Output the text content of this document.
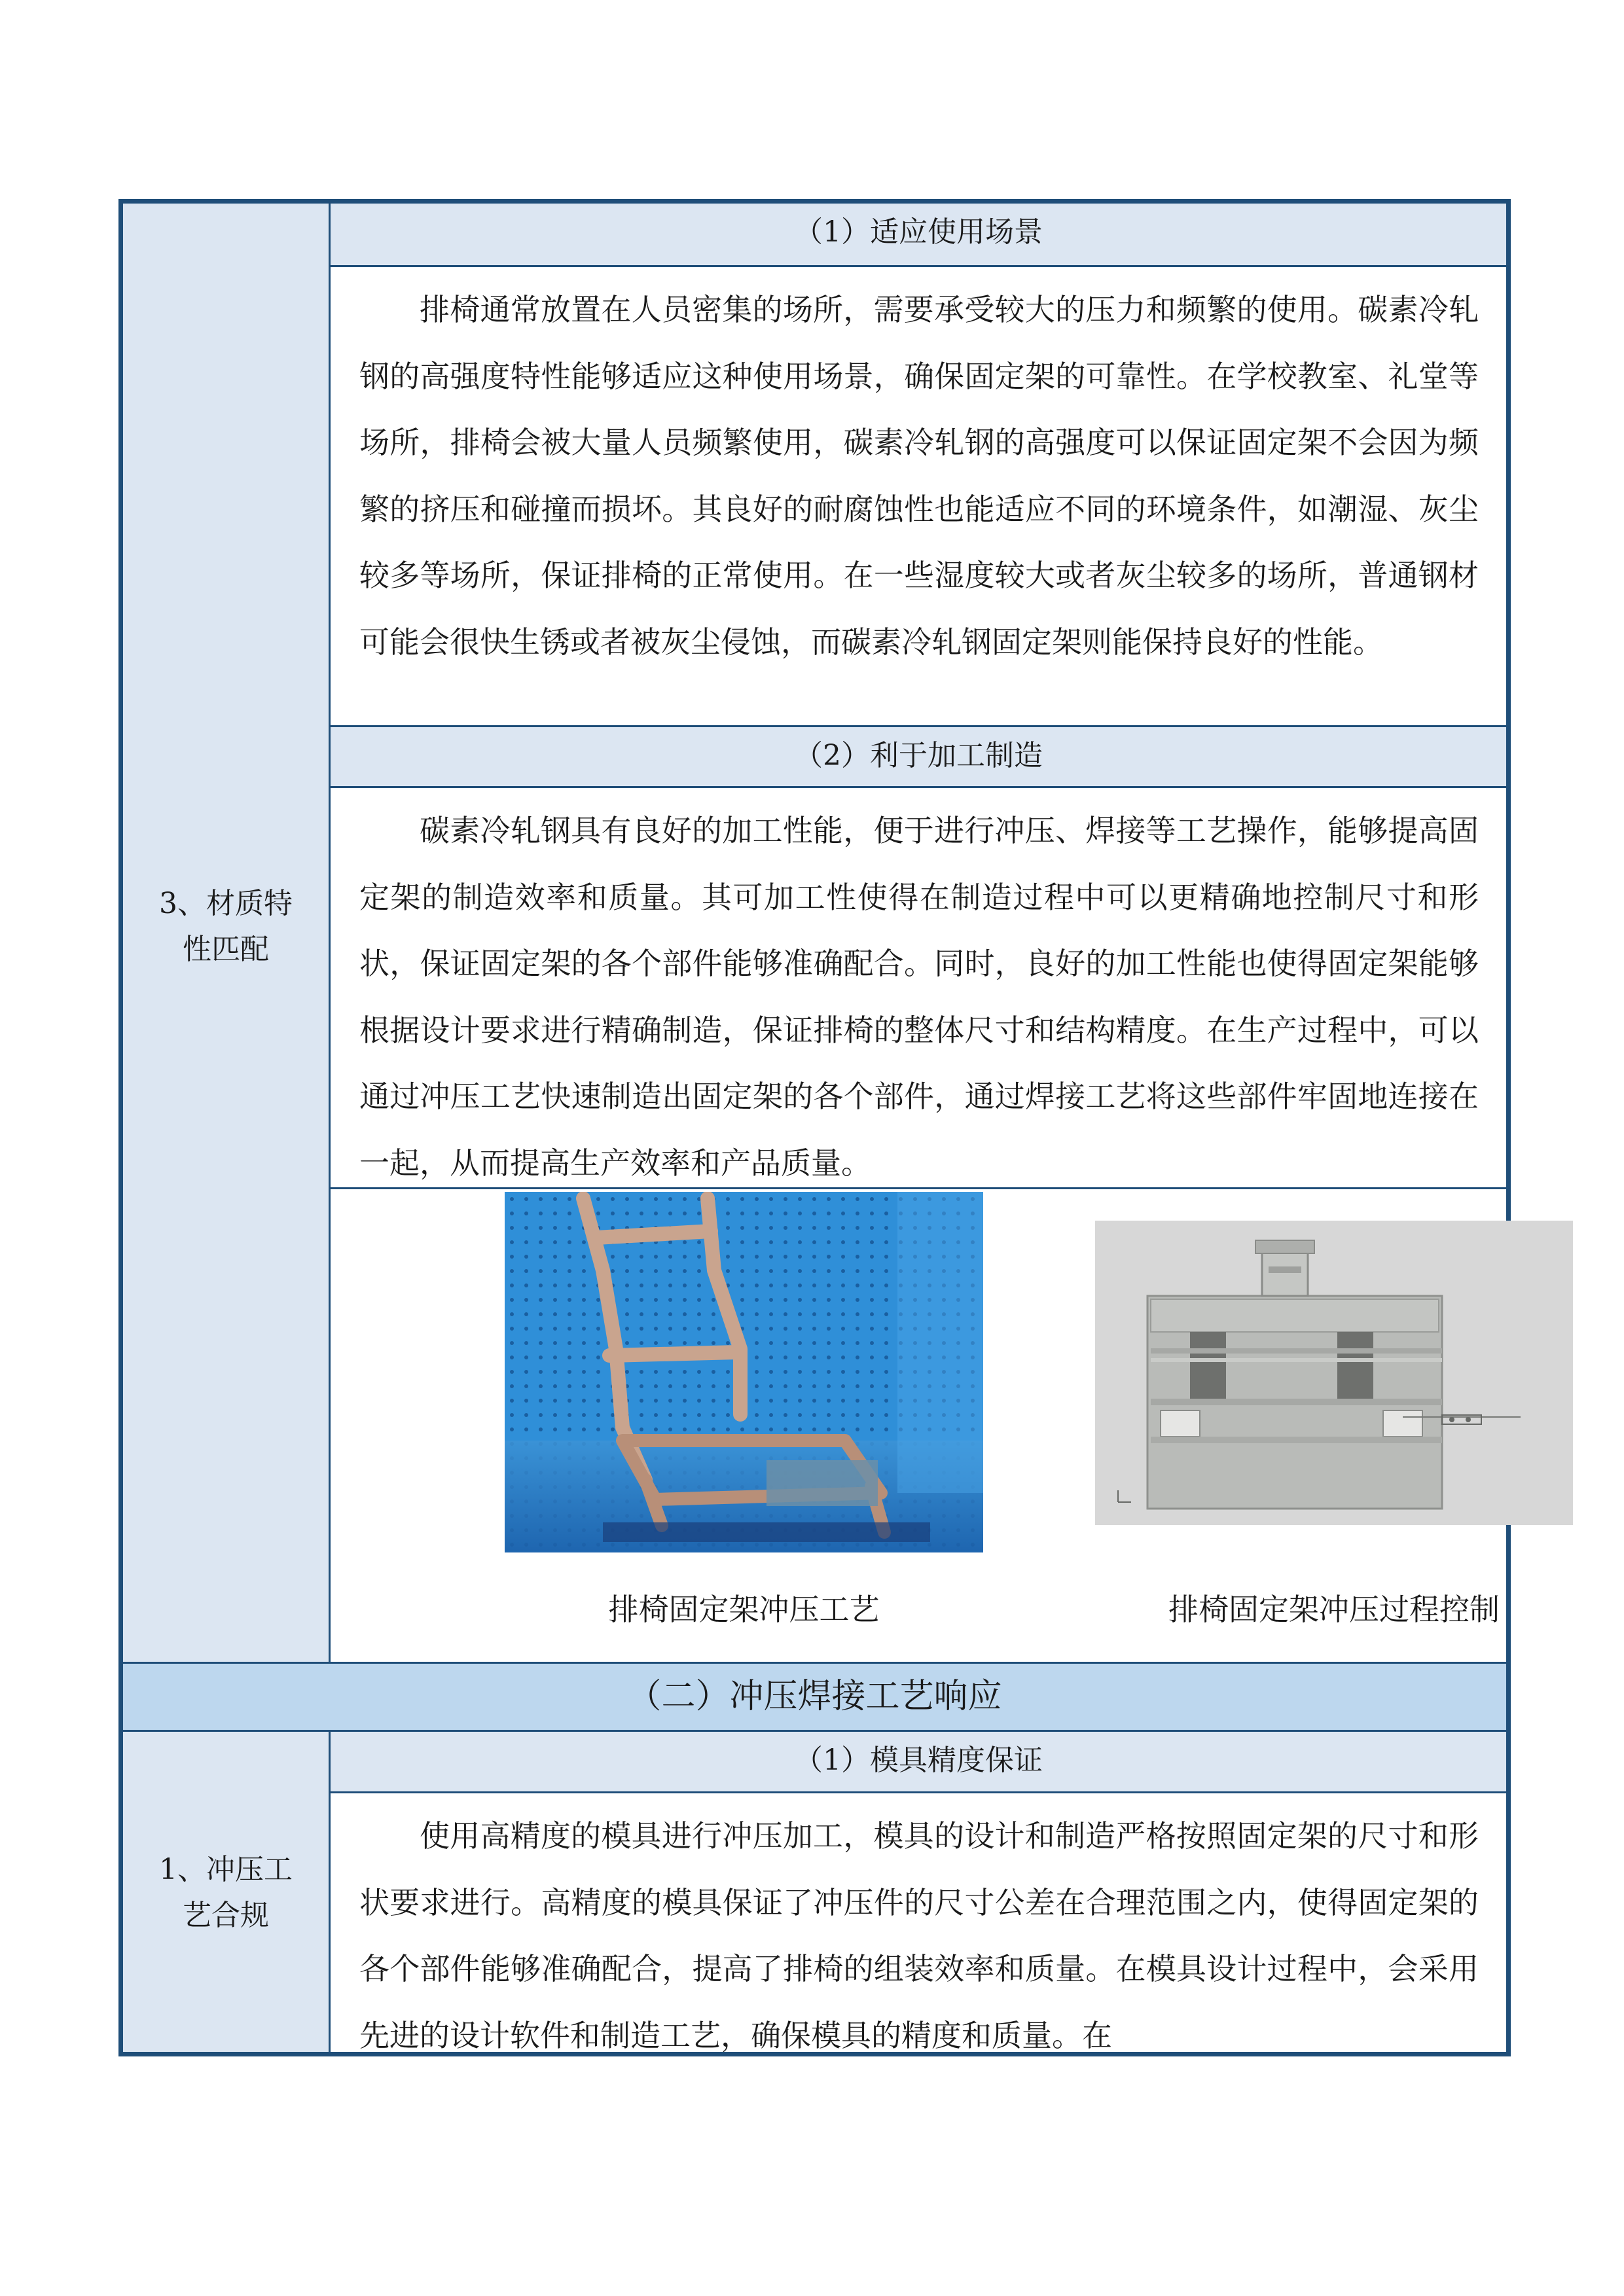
3、材质特
性匹配
（1）适应使用场景

排椅通常放置在人员密集的场所，需要承受较大的压力和频繁的使用。碳素冷轧钢的高强度特性能够适应这种使用场景，确保固定架的可靠性。在学校教室、礼堂等场所，排椅会被大量人员频繁使用，碳素冷轧钢的高强度可以保证固定架不会因为频繁的挤压和碰撞而损坏。其良好的耐腐蚀性也能适应不同的环境条件，如潮湿、灰尘较多等场所，保证排椅的正常使用。在一些湿度较大或者灰尘较多的场所，普通钢材可能会很快生锈或者被灰尘侵蚀，而碳素冷轧钢固定架则能保持良好的性能。

（2）利于加工制造

碳素冷轧钢具有良好的加工性能，便于进行冲压、焊接等工艺操作，能够提高固定架的制造效率和质量。其可加工性使得在制造过程中可以更精确地控制尺寸和形状，保证固定架的各个部件能够准确配合。同时，良好的加工性能也使得固定架能够根据设计要求进行精确制造，保证排椅的整体尺寸和结构精度。在生产过程中，可以通过冲压工艺快速制造出固定架的各个部件，通过焊接工艺将这些部件牢固地连接在一起，从而提高生产效率和产品质量。

排椅固定架冲压工艺	排椅固定架冲压过程控制
（二）冲压焊接工艺响应
1、冲压工
艺合规
（1）模具精度保证

使用高精度的模具进行冲压加工，模具的设计和制造严格按照固定架的尺寸和形状要求进行。高精度的模具保证了冲压件的尺寸公差在合理范围之内，使得固定架的各个部件能够准确配合，提高了排椅的组装效率和质量。在模具设计过程中，会采用先进的设计软件和制造工艺，确保模具的精度和质量。在
